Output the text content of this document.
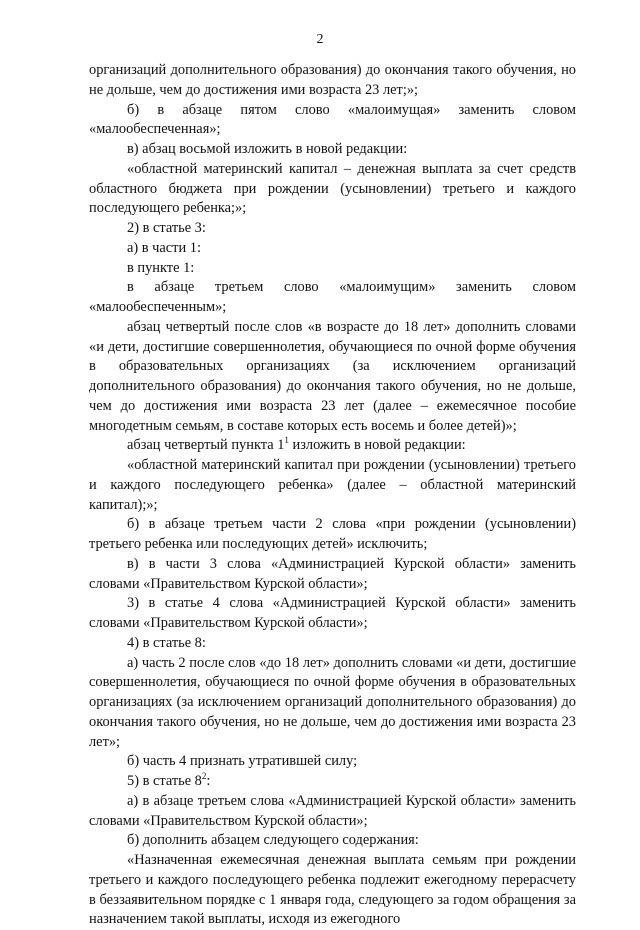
2

организаций дополнительного образования) до окончания такого обучения, но не дольше, чем до достижения ими возраста 23 лет;»;

б) в абзаце пятом слово «малоимущая» заменить словом «малообеспеченная»;

в) абзац восьмой изложить в новой редакции:

«областной материнский капитал – денежная выплата за счет средств областного бюджета при рождении (усыновлении) третьего и каждого последующего ребенка;»;

2) в статье 3:

а) в части 1:

в пункте 1:

в абзаце третьем слово «малоимущим» заменить словом «малообеспеченным»;

абзац четвертый после слов «в возрасте до 18 лет» дополнить словами «и дети, достигшие совершеннолетия, обучающиеся по очной форме обучения в образовательных организациях (за исключением организаций дополнительного образования) до окончания такого обучения, но не дольше, чем до достижения ими возраста 23 лет (далее – ежемесячное пособие многодетным семьям, в составе которых есть восемь и более детей)»;

абзац четвертый пункта $1^1$ изложить в новой редакции:

«областной материнский капитал при рождении (усыновлении) третьего и каждого последующего ребенка» (далее – областной материнский капитал);»;

б) в абзаце третьем части 2 слова «при рождении (усыновлении) третьего ребенка или последующих детей» исключить;

в) в части 3 слова «Администрацией Курской области» заменить словами «Правительством Курской области»;

3) в статье 4 слова «Администрацией Курской области» заменить словами «Правительством Курской области»;

4) в статье 8:

а) часть 2 после слов «до 18 лет» дополнить словами «и дети, достигшие совершеннолетия, обучающиеся по очной форме обучения в образовательных организациях (за исключением организаций дополнительного образования) до окончания такого обучения, но не дольше, чем до достижения ими возраста 23 лет»;

б) часть 4 признать утратившей силу;

5) в статье $8^2$:

а) в абзаце третьем слова «Администрацией Курской области» заменить словами «Правительством Курской области»;

б) дополнить абзацем следующего содержания:

«Назначенная ежемесячная денежная выплата семьям при рождении третьего и каждого последующего ребенка подлежит ежегодному перерасчету в беззаявительном порядке с 1 января года, следующего за годом обращения за назначением такой выплаты, исходя из ежегодного
